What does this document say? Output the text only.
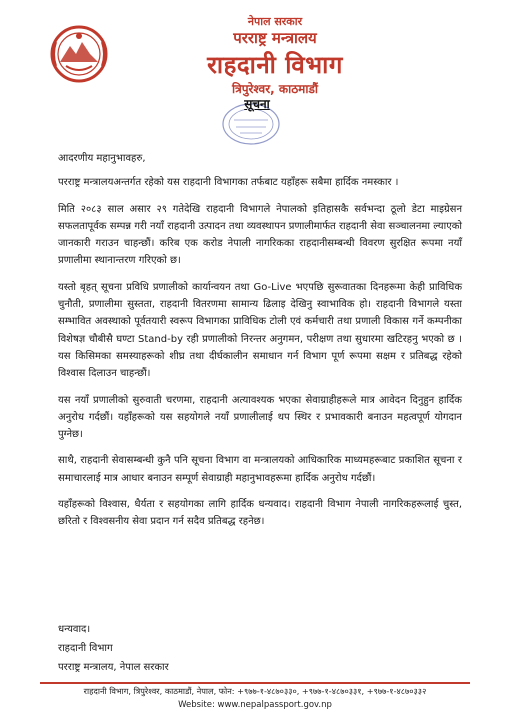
नेपाल सरकार
परराष्ट्र मन्त्रालय
राहदानी विभाग
त्रिपुरेश्वर, काठमाडौं
सूचना

आदरणीय महानुभावहरु,

परराष्ट्र मन्त्रालयअन्तर्गत रहेको यस राहदानी विभागका तर्फबाट यहाँहरू सबैमा हार्दिक नमस्कार ।

मिति २०८३ साल असार २९ गतेदेखि राहदानी विभागले नेपालको इतिहासकै सर्वभन्दा ठूलो डेटा माइग्रेसन सफलतापूर्वक सम्पन्न गरी नयाँ राहदानी उत्पादन तथा व्यवस्थापन प्रणालीमार्फत राहदानी सेवा सञ्चालनमा ल्याएको जानकारी गराउन चाहन्छौं। करिब एक करोड नेपाली नागरिकका राहदानीसम्बन्धी विवरण सुरक्षित रूपमा नयाँ प्रणालीमा स्थानान्तरण गरिएको छ।

यस्तो बृहत् सूचना प्रविधि प्रणालीको कार्यान्वयन तथा Go-Live भएपछि सुरूवातका दिनहरूमा केही प्राविधिक चुनौती, प्रणालीमा सुस्तता, राहदानी वितरणमा सामान्य ढिलाइ देखिनु स्वाभाविक हो। राहदानी विभागले यस्ता सम्भावित अवस्थाको पूर्वतयारी स्वरूप विभागका प्राविधिक टोली एवं कर्मचारी तथा प्रणाली विकास गर्ने कम्पनीका विशेषज्ञ चौबीसै घण्टा Stand-by रही प्रणालीको निरन्तर अनुगमन, परीक्षण तथा सुधारमा खटिरहनु भएको छ । यस किसिमका समस्याहरूको शीघ्र तथा दीर्घकालीन समाधान गर्न विभाग पूर्ण रूपमा सक्षम र प्रतिबद्ध रहेको विश्वास दिलाउन चाहन्छौं।

यस नयाँ प्रणालीको सुरुवाती चरणमा, राहदानी अत्यावश्यक भएका सेवाग्राहीहरूले मात्र आवेदन दिनुहुन हार्दिक अनुरोध गर्दछौं। यहाँहरूको यस सहयोगले नयाँ प्रणालीलाई थप स्थिर र प्रभावकारी बनाउन महत्वपूर्ण योगदान पुग्नेछ।

साथै, राहदानी सेवासम्बन्धी कुनै पनि सूचना विभाग वा मन्त्रालयको आधिकारिक माध्यमहरूबाट प्रकाशित सूचना र समाचारलाई मात्र आधार बनाउन सम्पूर्ण सेवाग्राही महानुभावहरूमा हार्दिक अनुरोध गर्दछौं।

यहाँहरूको विश्वास, धैर्यता र सहयोगका लागि हार्दिक धन्यवाद। राहदानी विभाग नेपाली नागरिकहरूलाई चुस्त, छरितो र विश्वसनीय सेवा प्रदान गर्न सदैव प्रतिबद्ध रहनेछ।

धन्यवाद।
राहदानी विभाग
परराष्ट्र मन्त्रालय, नेपाल सरकार
राहदानी विभाग, त्रिपुरेश्वर, काठमाडौं, नेपाल, फोन: +९७७-१-४८७०३३०, +९७७-१-४८७०३३१, +९७७-१-४८७०३३२
Website: www.nepalpassport.gov.np
